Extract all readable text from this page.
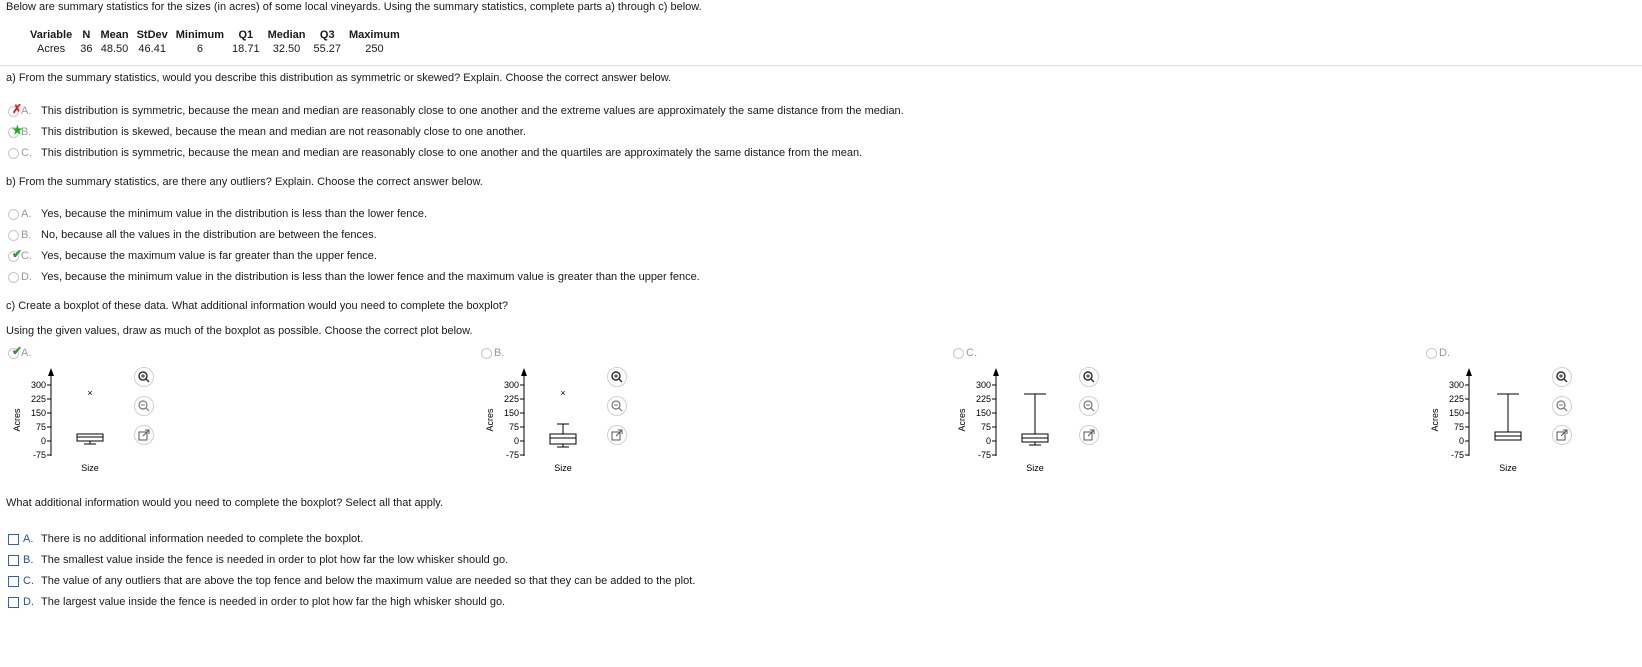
Below are summary statistics for the sizes (in acres) of some local vineyards. Using the summary statistics, complete parts a) through c) below.
Variable	N	Mean	StDev	Minimum	Q1	Median	Q3	Maximum
Acres	36	48.50	46.41	6	18.71	32.50	55.27	250
a) From the summary statistics, would you describe this distribution as symmetric or skewed? Explain. Choose the correct answer below.
✗
A. This distribution is symmetric, because the mean and median are reasonably close to one another and the extreme values are approximately the same distance from the median.
★
B. This distribution is skewed, because the mean and median are not reasonably close to one another.
C. This distribution is symmetric, because the mean and median are reasonably close to one another and the quartiles are approximately the same distance from the mean.
b) From the summary statistics, are there any outliers? Explain. Choose the correct answer below.
A. Yes, because the minimum value in the distribution is less than the lower fence.
B. No, because all the values in the distribution are between the fences.
✔
C. Yes, because the maximum value is far greater than the upper fence.
D. Yes, because the minimum value in the distribution is less than the lower fence and the maximum value is greater than the upper fence.
c) Create a boxplot of these data. What additional information would you need to complete the boxplot?
Using the given values, draw as much of the boxplot as possible. Choose the correct plot below.
✔
A.	B.	C.	D.
300
225
150
75
0
-75
Acres
Size
×
300
225
150
75
0
-75
Acres
Size
×
300
225
150
75
0
-75
Acres
Size
300
225
150
75
0
-75
Acres
Size
What additional information would you need to complete the boxplot? Select all that apply.
A. There is no additional information needed to complete the boxplot.
B. The smallest value inside the fence is needed in order to plot how far the low whisker should go.
C. The value of any outliers that are above the top fence and below the maximum value are needed so that they can be added to the plot.
D. The largest value inside the fence is needed in order to plot how far the high whisker should go.
